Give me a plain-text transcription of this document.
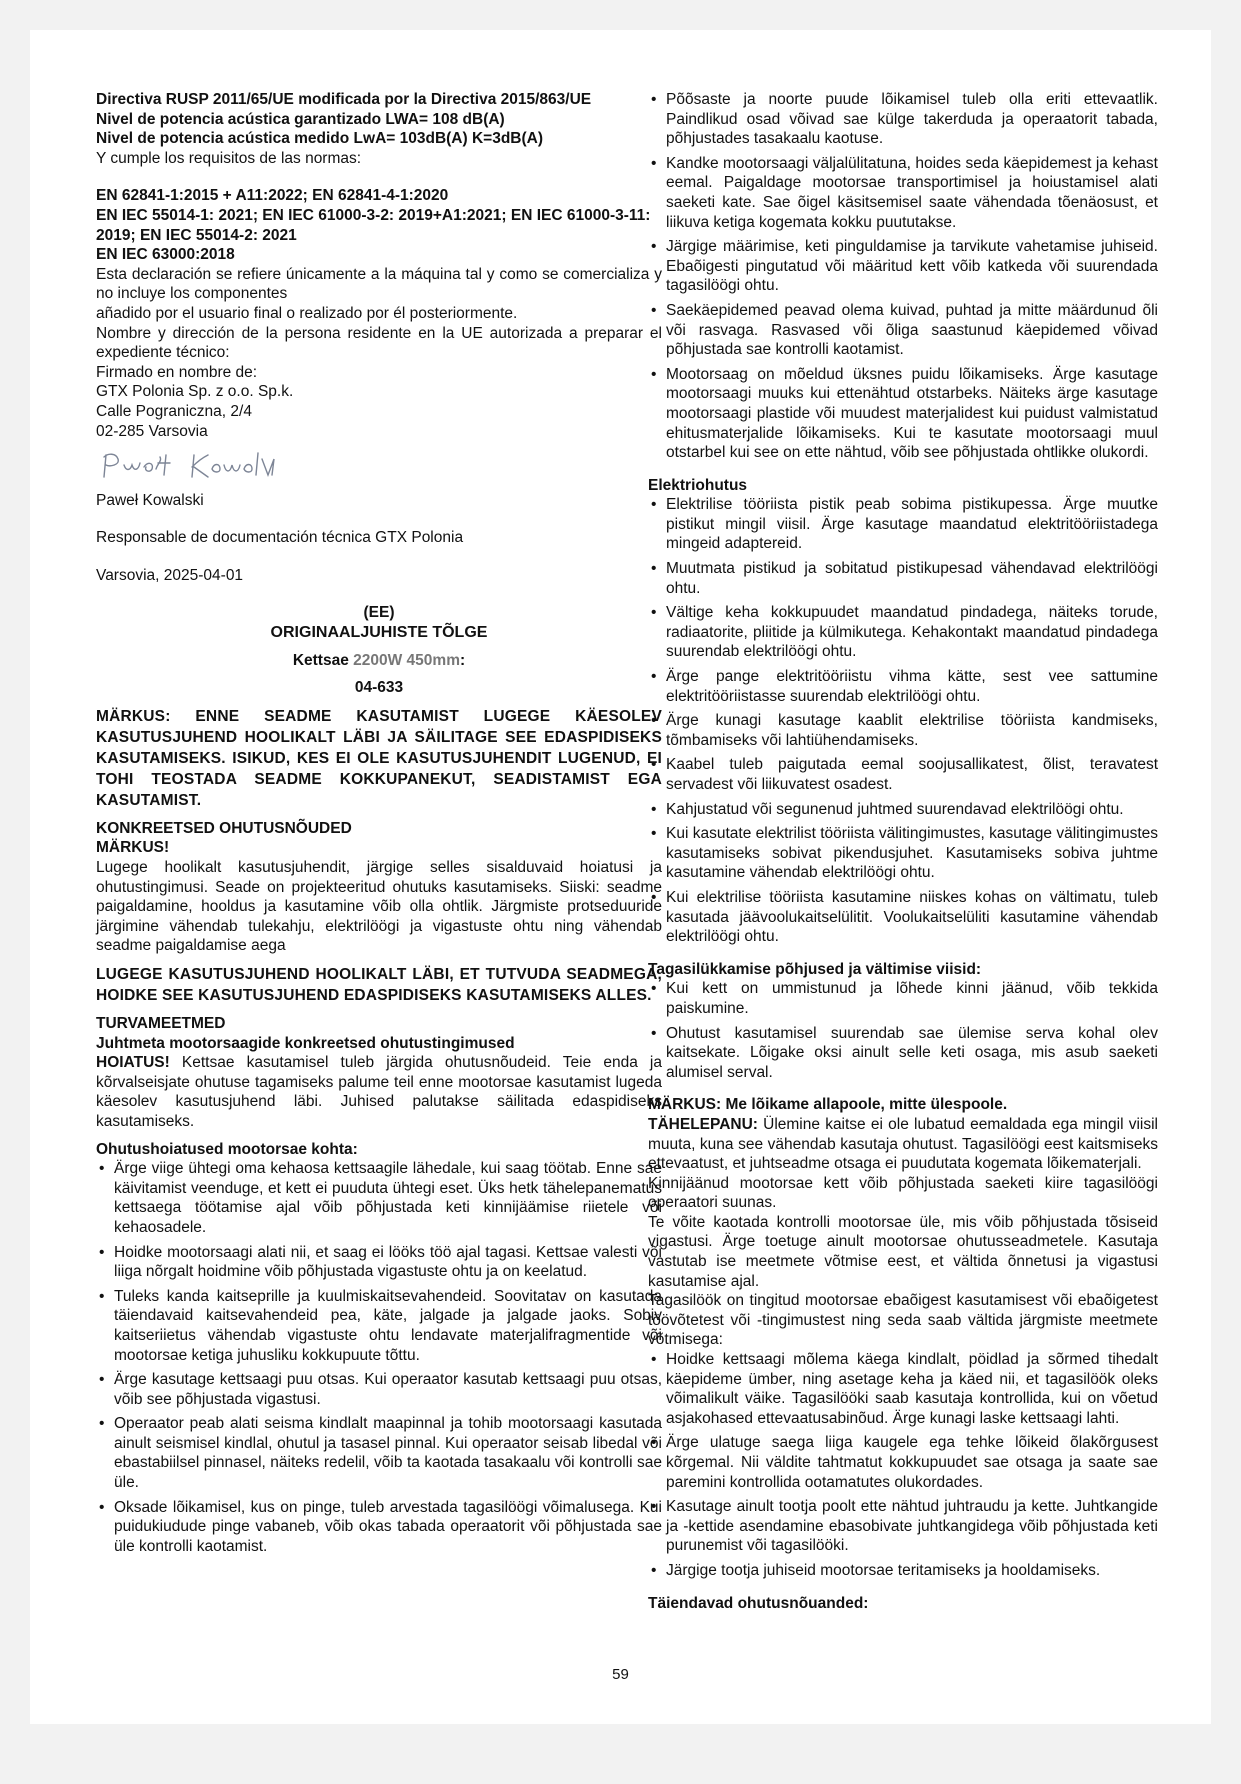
Directiva RUSP 2011/65/UE modificada por la Directiva 2015/863/UE

Nivel de potencia acústica garantizado LWA= 108 dB(A)

Nivel de potencia acústica medido LwA= 103dB(A) K=3dB(A)

Y cumple los requisitos de las normas:

EN 62841-1:2015 + A11:2022; EN 62841-4-1:2020

EN IEC 55014-1: 2021; EN IEC 61000-3-2: 2019+A1:2021; EN IEC 61000-3-11: 2019; EN IEC 55014-2: 2021

EN IEC 63000:2018

Esta declaración se refiere únicamente a la máquina tal y como se comercializa y no incluye los componentes

añadido por el usuario final o realizado por él posteriormente.

Nombre y dirección de la persona residente en la UE autorizada a preparar el expediente técnico:

Firmado en nombre de:

GTX Polonia Sp. z o.o. Sp.k.

Calle Pograniczna, 2/4

02-285 Varsovia

Paweł Kowalski

Responsable de documentación técnica GTX Polonia

Varsovia, 2025-04-01

(EE)

ORIGINAALJUHISTE TÕLGE

Kettsae 2200W 450mm:

04-633

MÄRKUS: ENNE SEADME KASUTAMIST LUGEGE KÄESOLEV KASUTUSJUHEND HOOLIKALT LÄBI JA SÄILITAGE SEE EDASPIDISEKS KASUTAMISEKS. ISIKUD, KES EI OLE KASUTUSJUHENDIT LUGENUD, EI TOHI TEOSTADA SEADME KOKKUPANEKUT, SEADISTAMIST EGA KASUTAMIST.

KONKREETSED OHUTUSNÕUDED

MÄRKUS!

Lugege hoolikalt kasutusjuhendit, järgige selles sisalduvaid hoiatusi ja ohutustingimusi. Seade on projekteeritud ohutuks kasutamiseks. Siiski: seadme paigaldamine, hooldus ja kasutamine võib olla ohtlik. Järgmiste protseduuride järgimine vähendab tulekahju, elektrilöögi ja vigastuste ohtu ning vähendab seadme paigaldamise aega

LUGEGE KASUTUSJUHEND HOOLIKALT LÄBI, ET TUTVUDA SEADMEGA, HOIDKE SEE KASUTUSJUHEND EDASPIDISEKS KASUTAMISEKS ALLES.

TURVAMEETMED

Juhtmeta mootorsaagide konkreetsed ohutustingimused

HOIATUS! Kettsae kasutamisel tuleb järgida ohutusnõudeid. Teie enda ja kõrvalseisjate ohutuse tagamiseks palume teil enne mootorsae kasutamist lugeda käesolev kasutusjuhend läbi. Juhised palutakse säilitada edaspidiseks kasutamiseks.

Ohutushoiatused mootorsae kohta:

• Ärge viige ühtegi oma kehaosa kettsaagile lähedale, kui saag töötab. Enne sae käivitamist veenduge, et kett ei puuduta ühtegi eset. Üks hetk tähelepanematus kettsaega töötamise ajal võib põhjustada keti kinnijäämise riietele või kehaosadele.
• Hoidke mootorsaagi alati nii, et saag ei lööks töö ajal tagasi. Kettsae valesti või liiga nõrgalt hoidmine võib põhjustada vigastuste ohtu ja on keelatud.
• Tuleks kanda kaitseprille ja kuulmiskaitsevahendeid. Soovitatav on kasutada täiendavaid kaitsevahendeid pea, käte, jalgade ja jalgade jaoks. Sobiv kaitseriietus vähendab vigastuste ohtu lendavate materjalifragmentide või mootorsae ketiga juhusliku kokkupuute tõttu.
• Ärge kasutage kettsaagi puu otsas. Kui operaator kasutab kettsaagi puu otsas, võib see põhjustada vigastusi.
• Operaator peab alati seisma kindlalt maapinnal ja tohib mootorsaagi kasutada ainult seismisel kindlal, ohutul ja tasasel pinnal. Kui operaator seisab libedal või ebastabiilsel pinnasel, näiteks redelil, võib ta kaotada tasakaalu või kontrolli sae üle.
• Oksade lõikamisel, kus on pinge, tuleb arvestada tagasilöögi võimalusega. Kui puidukiudude pinge vabaneb, võib okas tabada operaatorit või põhjustada sae üle kontrolli kaotamist.
• Põõsaste ja noorte puude lõikamisel tuleb olla eriti ettevaatlik. Paindlikud osad võivad sae külge takerduda ja operaatorit tabada, põhjustades tasakaalu kaotuse.
• Kandke mootorsaagi väljalülitatuna, hoides seda käepidemest ja kehast eemal. Paigaldage mootorsae transportimisel ja hoiustamisel alati saeketi kate. Sae õigel käsitsemisel saate vähendada tõenäosust, et liikuva ketiga kogemata kokku puututakse.
• Järgige määrimise, keti pinguldamise ja tarvikute vahetamise juhiseid. Ebaõigesti pingutatud või määritud kett võib katkeda või suurendada tagasilöögi ohtu.
• Saekäepidemed peavad olema kuivad, puhtad ja mitte määrdunud õli või rasvaga. Rasvased või õliga saastunud käepidemed võivad põhjustada sae kontrolli kaotamist.
• Mootorsaag on mõeldud üksnes puidu lõikamiseks. Ärge kasutage mootorsaagi muuks kui ettenähtud otstarbeks. Näiteks ärge kasutage mootorsaagi plastide või muudest materjalidest kui puidust valmistatud ehitusmaterjalide lõikamiseks. Kui te kasutate mootorsaagi muul otstarbel kui see on ette nähtud, võib see põhjustada ohtlikke olukordi.

Elektriohutus

• Elektrilise tööriista pistik peab sobima pistikupessa. Ärge muutke pistikut mingil viisil. Ärge kasutage maandatud elektritööriistadega mingeid adaptereid.
• Muutmata pistikud ja sobitatud pistikupesad vähendavad elektrilöögi ohtu.
• Vältige keha kokkupuudet maandatud pindadega, näiteks torude, radiaatorite, pliitide ja külmikutega. Kehakontakt maandatud pindadega suurendab elektrilöögi ohtu.
• Ärge pange elektritööriistu vihma kätte, sest vee sattumine elektritööriistasse suurendab elektrilöögi ohtu.
• Ärge kunagi kasutage kaablit elektrilise tööriista kandmiseks, tõmbamiseks või lahtiühendamiseks.
• Kaabel tuleb paigutada eemal soojusallikatest, õlist, teravatest servadest või liikuvatest osadest.
• Kahjustatud või segunenud juhtmed suurendavad elektrilöögi ohtu.
• Kui kasutate elektrilist tööriista välitingimustes, kasutage välitingimustes kasutamiseks sobivat pikendusjuhet. Kasutamiseks sobiva juhtme kasutamine vähendab elektrilöögi ohtu.
• Kui elektrilise tööriista kasutamine niiskes kohas on vältimatu, tuleb kasutada jäävoolukaitselülitit. Voolukaitselüliti kasutamine vähendab elektrilöögi ohtu.

Tagasilükkamise põhjused ja vältimise viisid:

• Kui kett on ummistunud ja lõhede kinni jäänud, võib tekkida paiskumine.
• Ohutust kasutamisel suurendab sae ülemise serva kohal olev kaitsekate. Lõigake oksi ainult selle keti osaga, mis asub saeketi alumisel serval.

MÄRKUS: Me lõikame allapoole, mitte ülespoole.

TÄHELEPANU: Ülemine kaitse ei ole lubatud eemaldada ega mingil viisil muuta, kuna see vähendab kasutaja ohutust. Tagasilöögi eest kaitsmiseks ettevaatust, et juhtseadme otsaga ei puudutata kogemata lõikematerjali.

Kinnijäänud mootorsae kett võib põhjustada saeketi kiire tagasilöögi operaatori suunas.

Te võite kaotada kontrolli mootorsae üle, mis võib põhjustada tõsiseid vigastusi. Ärge toetuge ainult mootorsae ohutusseadmetele. Kasutaja vastutab ise meetmete võtmise eest, et vältida õnnetusi ja vigastusi kasutamise ajal.

Tagasilöök on tingitud mootorsae ebaõigest kasutamisest või ebaõigetest töövõtetest või -tingimustest ning seda saab vältida järgmiste meetmete võtmisega:

• Hoidke kettsaagi mõlema käega kindlalt, pöidlad ja sõrmed tihedalt käepideme ümber, ning asetage keha ja käed nii, et tagasilöök oleks võimalikult väike. Tagasilööki saab kasutaja kontrollida, kui on võetud asjakohased ettevaatusabinõud. Ärge kunagi laske kettsaagi lahti.
• Ärge ulatuge saega liiga kaugele ega tehke lõikeid õlakõrgusest kõrgemal. Nii väldite tahtmatut kokkupuudet sae otsaga ja saate sae paremini kontrollida ootamatutes olukordades.
• Kasutage ainult tootja poolt ette nähtud juhtraudu ja kette. Juhtkangide ja -kettide asendamine ebasobivate juhtkangidega võib põhjustada keti purunemist või tagasilööki.
• Järgige tootja juhiseid mootorsae teritamiseks ja hooldamiseks.

Täiendavad ohutusnõuanded:

59
